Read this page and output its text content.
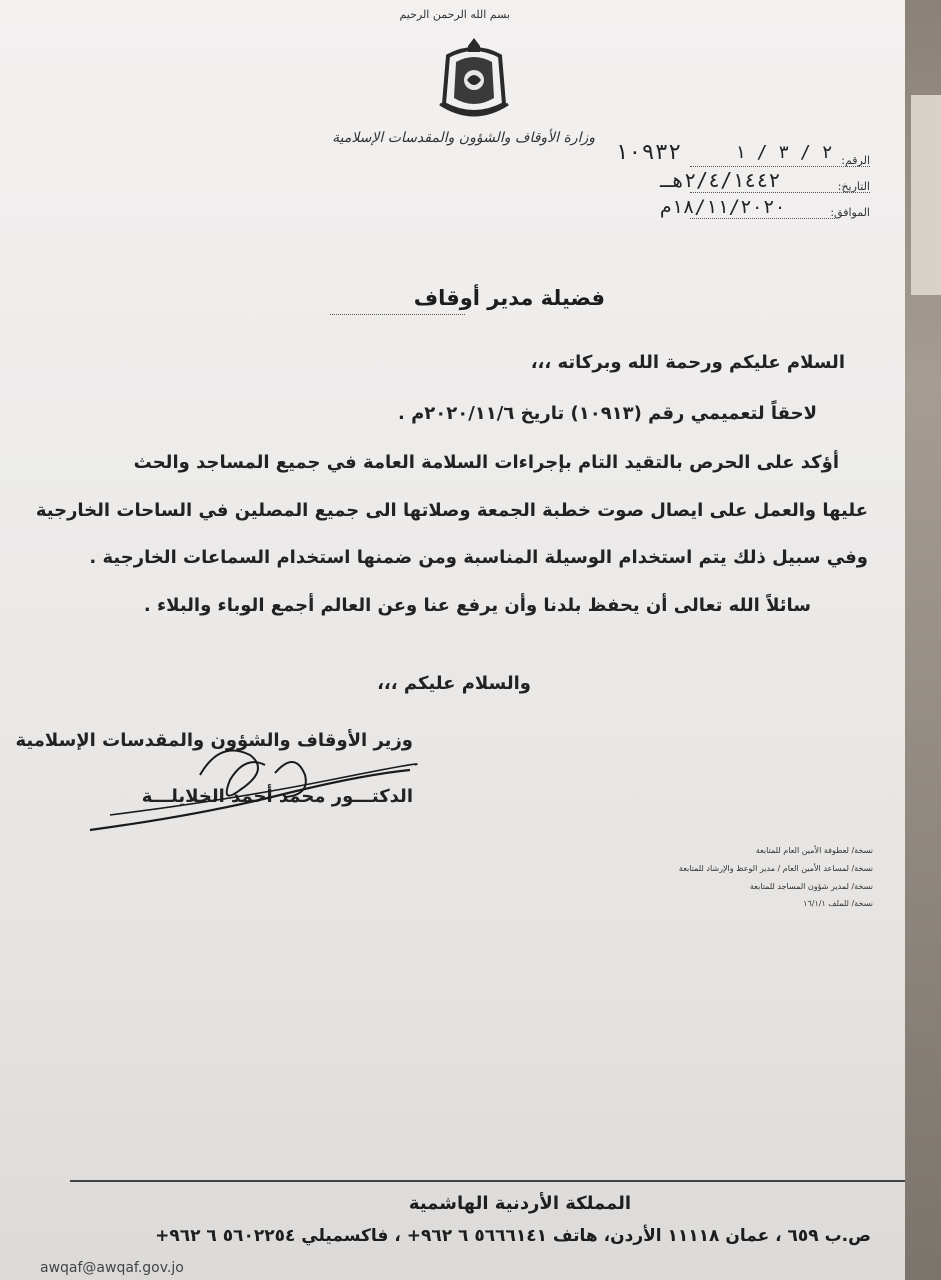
بسم الله الرحمن الرحيم
وزارة الأوقاف والشؤون والمقدسات الإسلامية
الرقم:
١٠٩٣٢	٢ / ٣ / ١
التاريخ:
٢/٤/١٤٤٢هـ
الموافق:
١٨/١١/٢٠٢٠م
فضيلة مدير أوقاف
السلام عليكم ورحمة الله وبركاته ،،،
لاحقاً لتعميمي رقم (١٠٩١٣) تاريخ ٢٠٢٠/١١/٦م .
أؤكد على الحرص بالتقيد التام بإجراءات السلامة العامة في جميع المساجد والحث
عليها والعمل على ايصال صوت خطبة الجمعة وصلاتها الى جميع المصلين في الساحات الخارجية
وفي سبيل ذلك يتم استخدام الوسيلة المناسبة ومن ضمنها استخدام السماعات الخارجية .
سائلاً الله تعالى أن يحفظ بلدنا وأن يرفع عنا وعن العالم أجمع الوباء والبلاء .
والسلام عليكم ،،،
وزير الأوقاف والشؤون والمقدسات الإسلامية
الدكتـــور محمد أحمد الخلايلـــة
نسخة/ لعطوفة الأمين العام للمتابعة
نسخة/ لمساعد الأمين العام / مدير الوعظ والإرشاد للمتابعة
نسخة/ لمدير شؤون المساجد للمتابعة
نسخة/ للملف ١٦/١/١
المملكة الأردنية الهاشمية
ص.ب ٦٥٩ ، عمان ١١١١٨ الأردن، هاتف ٥٦٦٦١٤١ ٦ ٩٦٢+ ، فاكسميلي ٥٦٠٢٢٥٤ ٦ ٩٦٢+
awqaf@awqaf.gov.jo
